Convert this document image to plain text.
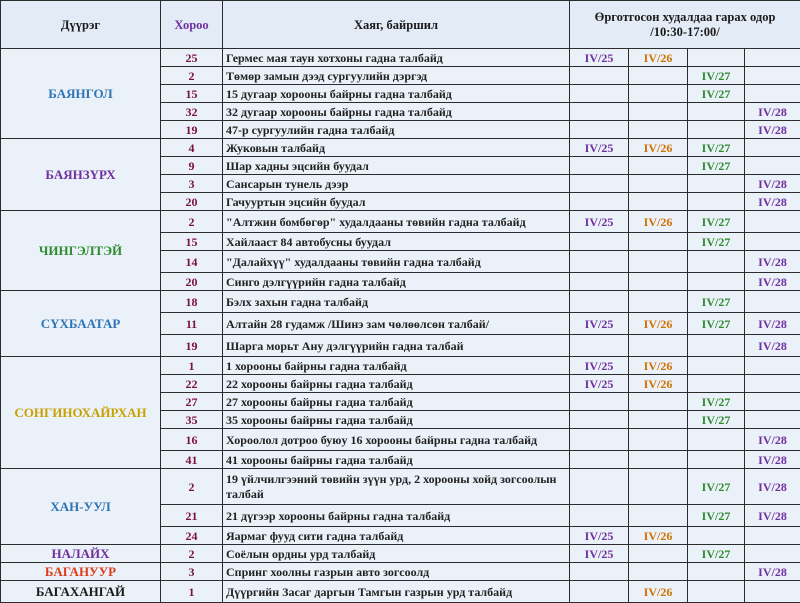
Дүүрэг	Хороо	Хаяг, байршил	Өрготгосон худалдаа гарах одор
/10:30-17:00/			
БАЯНГОЛ	25	Гермес мая таун хотхоны гадна талбайд	IV/25	IV/26		
	2	Төмөр замын дээд сургуулийн дэргэд			IV/27	
	15	15 дугаар хорооны байрны гадна талбайд			IV/27	
	32	32 дугаар хорооны байрны гадна талбайд				IV/28
	19	47-р сургуулийн гадна талбайд				IV/28
БАЯНЗҮРХ	4	Жуковын талбайд	IV/25	IV/26	IV/27	
	9	Шар хадны эцсийн буудал			IV/27	
	3	Сансарын тунель дээр				IV/28
	20	Гачууртын эцсийн буудал				IV/28
ЧИНГЭЛТЭЙ	2	"Алтжин бомбөгөр" худалдааны төвийн гадна талбайд	IV/25	IV/26	IV/27	
	15	Хайлааст 84 автобусны буудал			IV/27	
	14	"Далайхүү" худалдааны төвийн гадна талбайд				IV/28
	20	Синго дэлгүүрийн гадна талбайд				IV/28
СҮХБААТАР	18	Бэлх захын гадна талбайд			IV/27	
	11	Алтайн 28 гудамж /Шинэ зам чөлөөлсөн талбай/	IV/25	IV/26	IV/27	IV/28
	19	Шарга морьт Ану дэлгүүрийн гадна талбай				IV/28
СОНГИНОХАЙРХАН	1	1 хорооны байрны гадна талбайд	IV/25	IV/26		
	22	22 хорооны байрны гадна талбайд	IV/25	IV/26		
	27	27 хорооны байрны гадна талбайд			IV/27	
	35	35 хорооны байрны гадна талбайд			IV/27	
	16	Хороолол дотроо буюу 16 хорооны байрны гадна талбайд				IV/28
	41	41 хорооны байрны гадна талбайд				IV/28
ХАН-УУЛ	2	19 үйлчилгээний төвийн зүүн урд, 2 хорооны хойд зогсоолын талбай			IV/27	IV/28
	21	21 дүгээр хорооны байрны гадна талбайд			IV/27	IV/28
	24	Яармаг фууд сити гадна талбайд	IV/25	IV/26		
НАЛАЙХ	2	Соёлын ордны урд талбайд	IV/25		IV/27	
БАГАНУУР	3	Спринг хоолны газрын авто зогсоолд				IV/28
БАГАХАНГАЙ	1	Дүүргийн Засаг даргын Тамгын газрын урд талбайд		IV/26		
